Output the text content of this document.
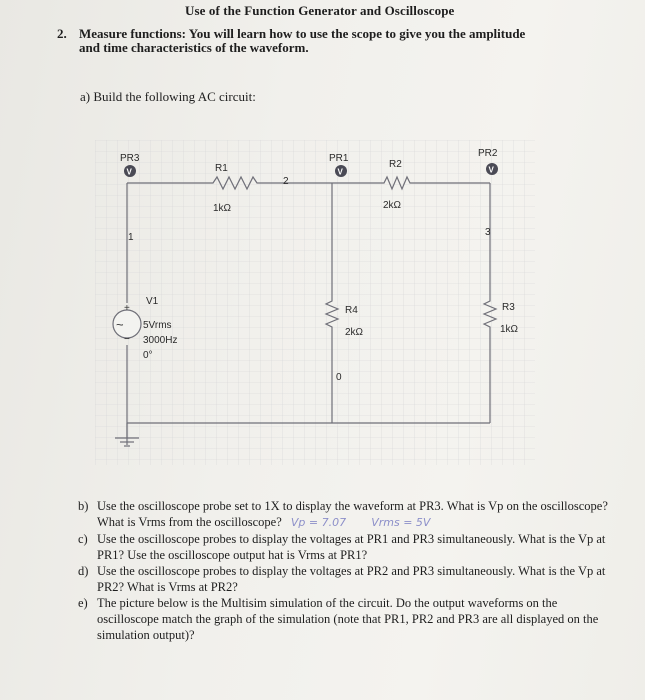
Use of the Function Generator and Oscilloscope
2. Measure functions: You will learn how to use the scope to give you the amplitude and time characteristics of the waveform.
a) Build the following AC circuit:
+
~
−
V	V	V
PR3	PR1	PR2
R1
1kΩ
R2
2kΩ
R4
2kΩ
R3
1kΩ
V1
5Vrms
3000Hz
0°
1
2
3
0
b) Use the oscilloscope probe set to 1X to display the waveform at PR3. What is Vp on the oscilloscope? What is Vrms from the oscilloscope? Vp = 7.07 Vrms = 5V
c) Use the oscilloscope probes to display the voltages at PR1 and PR3 simultaneously. What is the Vp at PR1? Use the oscilloscope output hat is Vrms at PR1?
d) Use the oscilloscope probes to display the voltages at PR2 and PR3 simultaneously. What is the Vp at PR2? What is Vrms at PR2?
e) The picture below is the Multisim simulation of the circuit. Do the output waveforms on the oscilloscope match the graph of the simulation (note that PR1, PR2 and PR3 are all displayed on the simulation output)?
